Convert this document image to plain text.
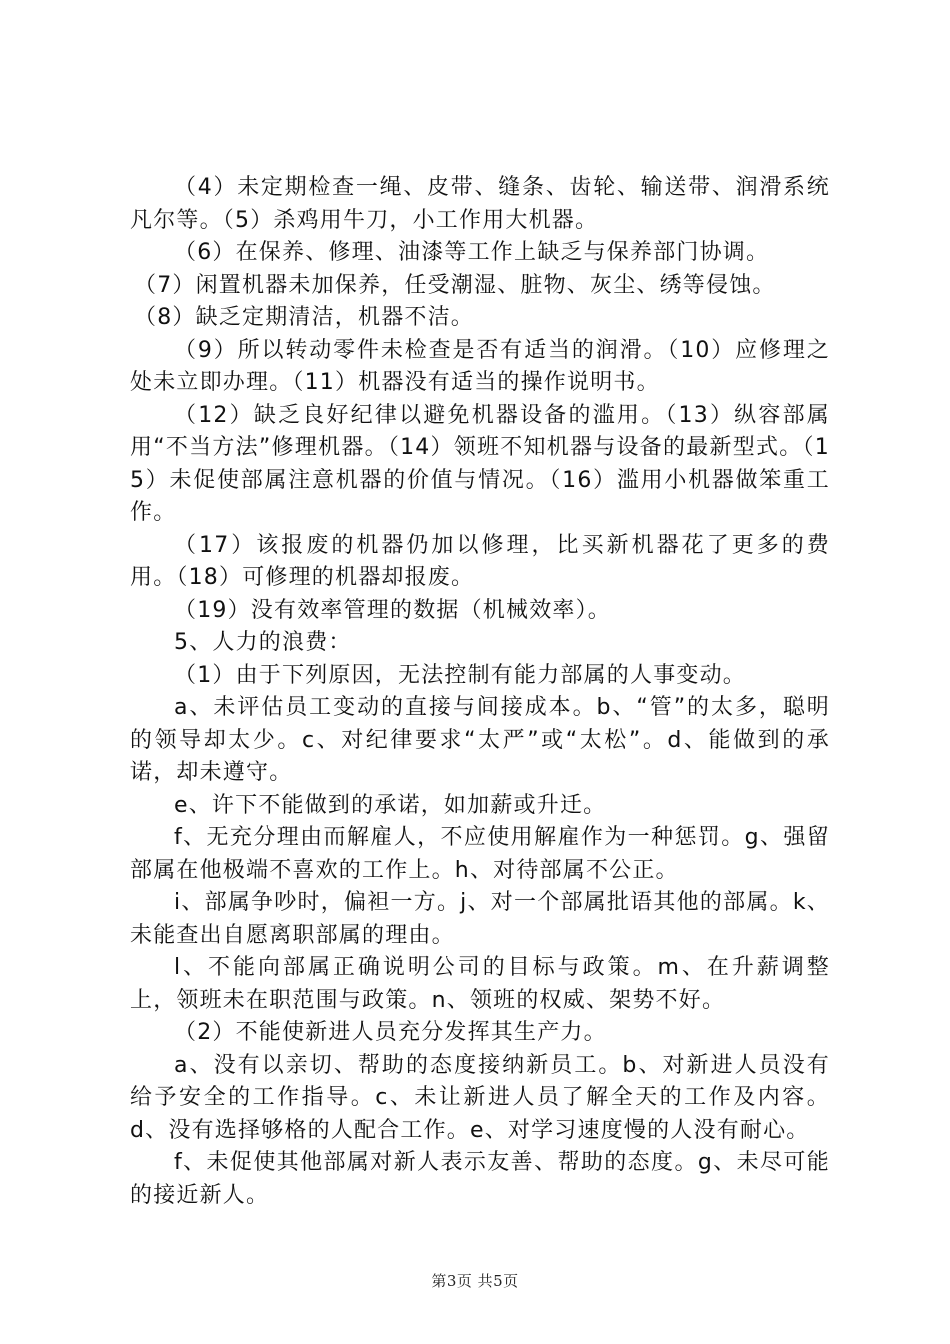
（4）未定期检查一绳、皮带、缝条、齿轮、输送带、润滑系统凡尔等。（5）杀鸡用牛刀，小工作用大机器。

（6）在保养、修理、油漆等工作上缺乏与保养部门协调。

（7）闲置机器未加保养，任受潮湿、脏物、灰尘、绣等侵蚀。

（8）缺乏定期清洁，机器不洁。

（9）所以转动零件未检查是否有适当的润滑。（10）应修理之处未立即办理。（11）机器没有适当的操作说明书。

（12）缺乏良好纪律以避免机器设备的滥用。（13）纵容部属用“不当方法”修理机器。（14）领班不知机器与设备的最新型式。（15）未促使部属注意机器的价值与情况。（16）滥用小机器做笨重工作。

（17）该报废的机器仍加以修理，比买新机器花了更多的费用。（18）可修理的机器却报废。

（19）没有效率管理的数据（机械效率）。

5、人力的浪费：

（1）由于下列原因，无法控制有能力部属的人事变动。

a、未评估员工变动的直接与间接成本。b、“管”的太多，聪明的领导却太少。c、对纪律要求“太严”或“太松”。d、能做到的承诺，却未遵守。

e、许下不能做到的承诺，如加薪或升迁。

f、无充分理由而解雇人，不应使用解雇作为一种惩罚。g、强留部属在他极端不喜欢的工作上。h、对待部属不公正。

i、部属争吵时，偏袒一方。j、对一个部属批语其他的部属。k、未能查出自愿离职部属的理由。

l、不能向部属正确说明公司的目标与政策。m、在升薪调整上，领班未在职范围与政策。n、领班的权威、架势不好。

（2）不能使新进人员充分发挥其生产力。

a、没有以亲切、帮助的态度接纳新员工。b、对新进人员没有给予安全的工作指导。c、未让新进人员了解全天的工作及内容。d、没有选择够格的人配合工作。e、对学习速度慢的人没有耐心。

f、未促使其他部属对新人表示友善、帮助的态度。g、未尽可能的接近新人。

第3页 共5页
